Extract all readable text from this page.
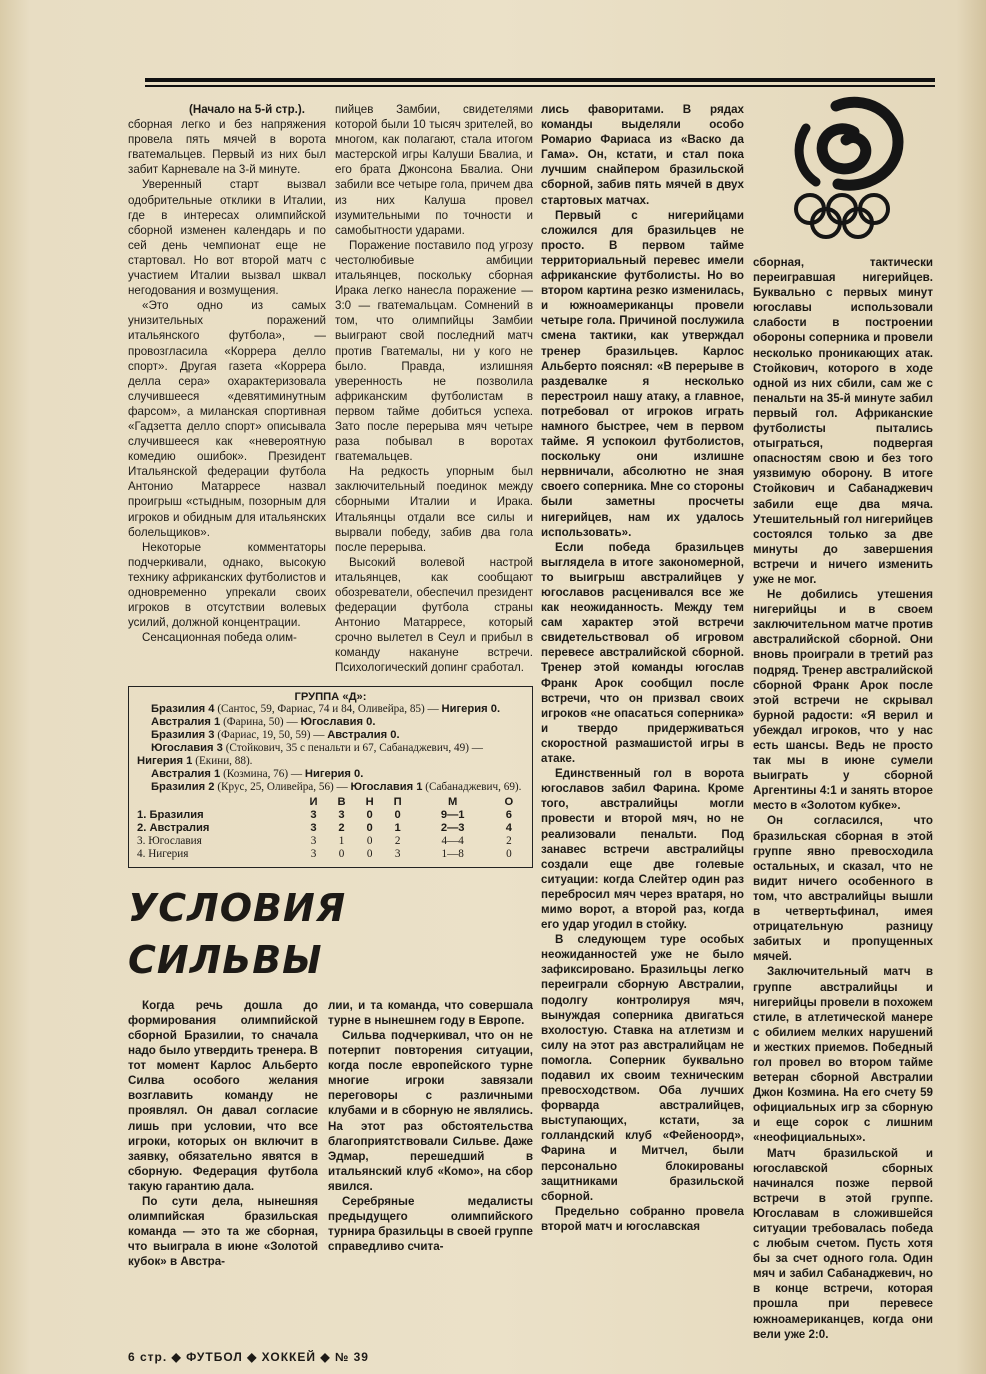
(Начало на 5-й стр.).

сборная легко и без напряжения провела пять мячей в ворота гватемальцев. Первый из них был забит Карневале на 3-й минуте.

Уверенный старт вызвал одобрительные отклики в Италии, где в интересах олимпийской сборной изменен календарь и по сей день чемпионат еще не стартовал. Но вот второй матч с участием Италии вызвал шквал негодования и возмущения.

«Это одно из самых унизительных поражений итальянского футбола», — провозгласила «Коррера делло спорт». Другая газета «Коррера делла сера» охарактеризовала случившееся «девятиминутным фарсом», а миланская спортивная «Гадзетта делло спорт» описывала случившееся как «невероятную комедию ошибок». Президент Итальянской федерации футбола Антонио Матарресе назвал проигрыш «стыдным, позорным для игроков и обидным для итальянских болельщиков».

Некоторые комментаторы подчеркивали, однако, высокую технику африканских футболистов и одновременно упрекали своих игроков в отсутствии волевых усилий, должной концентрации.

Сенсационная победа олим-

пийцев Замбии, свидетелями которой были 10 тысяч зрителей, во многом, как полагают, стала итогом мастерской игры Калуши Бвалиа, и его брата Джонсона Бвалиа. Они забили все четыре гола, причем два из них Калуша провел изумительными по точности и самобытности ударами.

Поражение поставило под угрозу честолюбивые амбиции итальянцев, поскольку сборная Ирака легко нанесла поражение — 3:0 — гватемальцам. Сомнений в том, что олимпийцы Замбии выиграют свой последний матч против Гватемалы, ни у кого не было. Правда, излишняя уверенность не позволила африканским футболистам в первом тайме добиться успеха. Зато после перерыва мяч четыре раза побывал в воротах гватемальцев.

На редкость упорным был заключительный поединок между сборными Италии и Ирака. Итальянцы отдали все силы и вырвали победу, забив два гола после перерыва.

Высокий волевой настрой итальянцев, как сообщают обозреватели, обеспечил президент федерации футбола страны Антонио Матарресе, который срочно вылетел в Сеул и прибыл в команду накануне встречи. Психологический допинг сработал.

ГРУППА «Д»:
Бразилия 4 (Сантос, 59, Фариас, 74 и 84, Оливейра, 85) — Нигерия 0.
Австралия 1 (Фарина, 50) — Югославия 0.
Бразилия 3 (Фариас, 19, 50, 59) — Австралия 0.
Югославия 3 (Стойкович, 35 с пенальти и 67, Сабанаджевич, 49) — Нигерия 1 (Екини, 88).
Австралия 1 (Козмина, 76) — Нигерия 0.
Бразилия 2 (Крус, 25, Оливейра, 56) — Югославия 1 (Сабанаджевич, 69).
	И	В	Н	П	М	О
1. Бразилия	3	3	0	0	9—1	6
2. Австралия	3	2	0	1	2—3	4
3. Югославия	3	1	0	2	4—4	2
4. Нигерия	3	0	0	3	1—8	0
УСЛОВИЯ СИЛЬВЫ

Когда речь дошла до формирования олимпийской сборной Бразилии, то сначала надо было утвердить тренера. В тот момент Карлос Альберто Силва особого желания возглавить команду не проявлял. Он давал согласие лишь при условии, что все игроки, которых он включит в заявку, обязательно явятся в сборную. Федерация футбола такую гарантию дала.

По сути дела, нынешняя олимпийская бразильская команда — это та же сборная, что выиграла в июне «Золотой кубок» в Австра-

лии, и та команда, что совершала турне в нынешнем году в Европе.

Сильва подчеркивал, что он не потерпит повторения ситуации, когда после европейского турне многие игроки завязали переговоры с различными клубами и в сборную не являлись. На этот раз обстоятельства благоприятствовали Сильве. Даже Эдмар, перешедший в итальянский клуб «Комо», на сбор явился.

Серебряные медалисты предыдущего олимпийского турнира бразильцы в своей группе справедливо счита-

лись фаворитами. В рядах команды выделяли особо Ромарио Фариаса из «Васко да Гама». Он, кстати, и стал пока лучшим снайпером бразильской сборной, забив пять мячей в двух стартовых матчах.

Первый с нигерийцами сложился для бразильцев не просто. В первом тайме территориальный перевес имели африканские футболисты. Но во втором картина резко изменилась, и южноамериканцы провели четыре гола. Причиной послужила смена тактики, как утверждал тренер бразильцев. Карлос Альберто пояснял: «В перерыве в раздевалке я несколько перестроил нашу атаку, а главное, потребовал от игроков играть намного быстрее, чем в первом тайме. Я успокоил футболистов, поскольку они излишне нервничали, абсолютно не зная своего соперника. Мне со стороны были заметны просчеты нигерийцев, нам их удалось использовать».

Если победа бразильцев выглядела в итоге закономерной, то выигрыш австралийцев у югославов расценивался все же как неожиданность. Между тем сам характер этой встречи свидетельствовал об игровом перевесе австралийской сборной. Тренер этой команды югослав Франк Арок сообщил после встречи, что он призвал своих игроков «не опасаться соперника» и твердо придерживаться скоростной размашистой игры в атаке.

Единственный гол в ворота югославов забил Фарина. Кроме того, австралийцы могли провести и второй мяч, но не реализовали пенальти. Под занавес встречи австралийцы создали еще две голевые ситуации: когда Слейтер один раз перебросил мяч через вратаря, но мимо ворот, а второй раз, когда его удар угодил в стойку.

В следующем туре особых неожиданностей уже не было зафиксировано. Бразильцы легко переиграли сборную Австралии, подолгу контролируя мяч, вынуждая соперника двигаться вхолостую. Ставка на атлетизм и силу на этот раз австралийцам не помогла. Соперник буквально подавил их своим техническим превосходством. Оба лучших форварда австралийцев, выступающих, кстати, за голландский клуб «Фейеноорд», Фарина и Митчел, были персонально блокированы защитниками бразильской сборной.

Предельно собранно провела второй матч и югославская

сборная, тактически переигравшая нигерийцев. Буквально с первых минут югославы использовали слабости в построении обороны соперника и провели несколько проникающих атак. Стойкович, которого в ходе одной из них сбили, сам же с пенальти на 35-й минуте забил первый гол. Африканские футболисты пытались отыграться, подвергая опасностям свою и без того уязвимую оборону. В итоге Стойкович и Сабанаджевич забили еще два мяча. Утешительный гол нигерийцев состоялся только за две минуты до завершения встречи и ничего изменить уже не мог.

Не добились утешения нигерийцы и в своем заключительном матче против австралийской сборной. Они вновь проиграли в третий раз подряд. Тренер австралийской сборной Франк Арок после этой встречи не скрывал бурной радости: «Я верил и убеждал игроков, что у нас есть шансы. Ведь не просто так мы в июне сумели выиграть у сборной Аргентины 4:1 и занять второе место в «Золотом кубке».

Он согласился, что бразильская сборная в этой группе явно превосходила остальных, и сказал, что не видит ничего особенного в том, что австралийцы вышли в четвертьфинал, имея отрицательную разницу забитых и пропущенных мячей.

Заключительный матч в группе австралийцы и нигерийцы провели в похожем стиле, в атлетической манере с обилием мелких нарушений и жестких приемов. Победный гол провел во втором тайме ветеран сборной Австралии Джон Козмина. На его счету 59 официальных игр за сборную и еще сорок с лишним «неофициальных».

Матч бразильской и югославской сборных начинался позже первой встречи в этой группе. Югославам в сложившейся ситуации требовалась победа с любым счетом. Пусть хотя бы за счет одного гола. Один мяч и забил Сабанаджевич, но в конце встречи, которая прошла при перевесе южноамериканцев, когда они вели уже 2:0.

6 стр. ◆ ФУТБОЛ ◆ ХОККЕЙ ◆ № 39
